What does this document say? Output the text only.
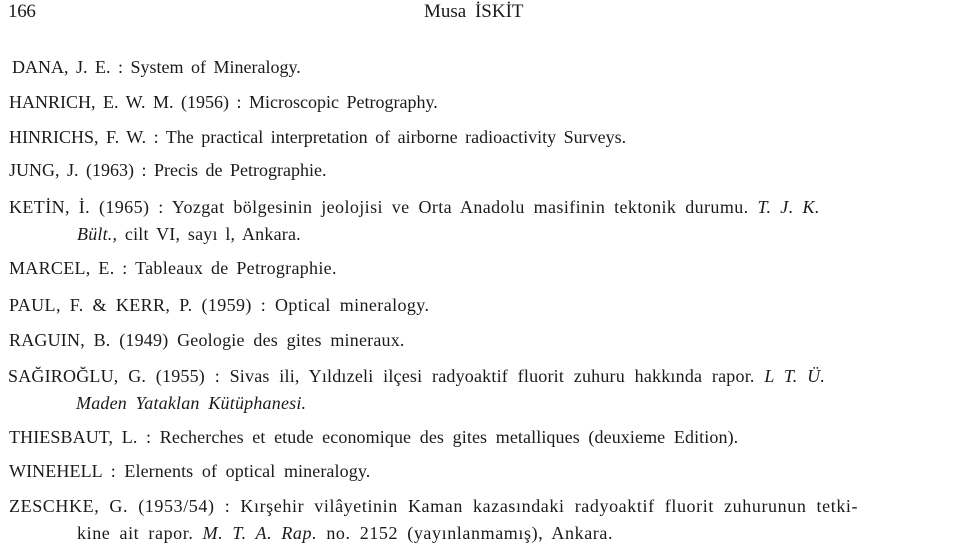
166	Musa İSKİT
DANA, J. E. : System of Mineralogy.
HANRICH, E. W. M. (1956) : Microscopic Petrography.
HINRICHS, F. W. : The practical interpretation of airborne radioactivity Surveys.
JUNG, J. (1963) : Precis de Petrographie.
KETİN, İ. (1965) : Yozgat bölgesinin jeolojisi ve Orta Anadolu masifinin tektonik durumu. T. J. K.
Bült., cilt VI, sayı l, Ankara.
MARCEL, E. : Tableaux de Petrographie.
PAUL, F. & KERR, P. (1959) : Optical mineralogy.
RAGUIN, B. (1949) Geologie des gites mineraux.
SAĞIROĞLU, G. (1955) : Sivas ili, Yıldızeli ilçesi radyoaktif fluorit zuhuru hakkında rapor. L T. Ü.
Maden Yataklan Kütüphanesi.
THIESBAUT, L. : Recherches et etude economique des gites metalliques (deuxieme Edition).
WINEHELL : Elernents of optical mineralogy.
ZESCHKE, G. (1953/54) : Kırşehir vilâyetinin Kaman kazasındaki radyoaktif fluorit zuhurunun tetki-
kine ait rapor. M. T. A. Rap. no. 2152 (yayınlanmamış), Ankara.
